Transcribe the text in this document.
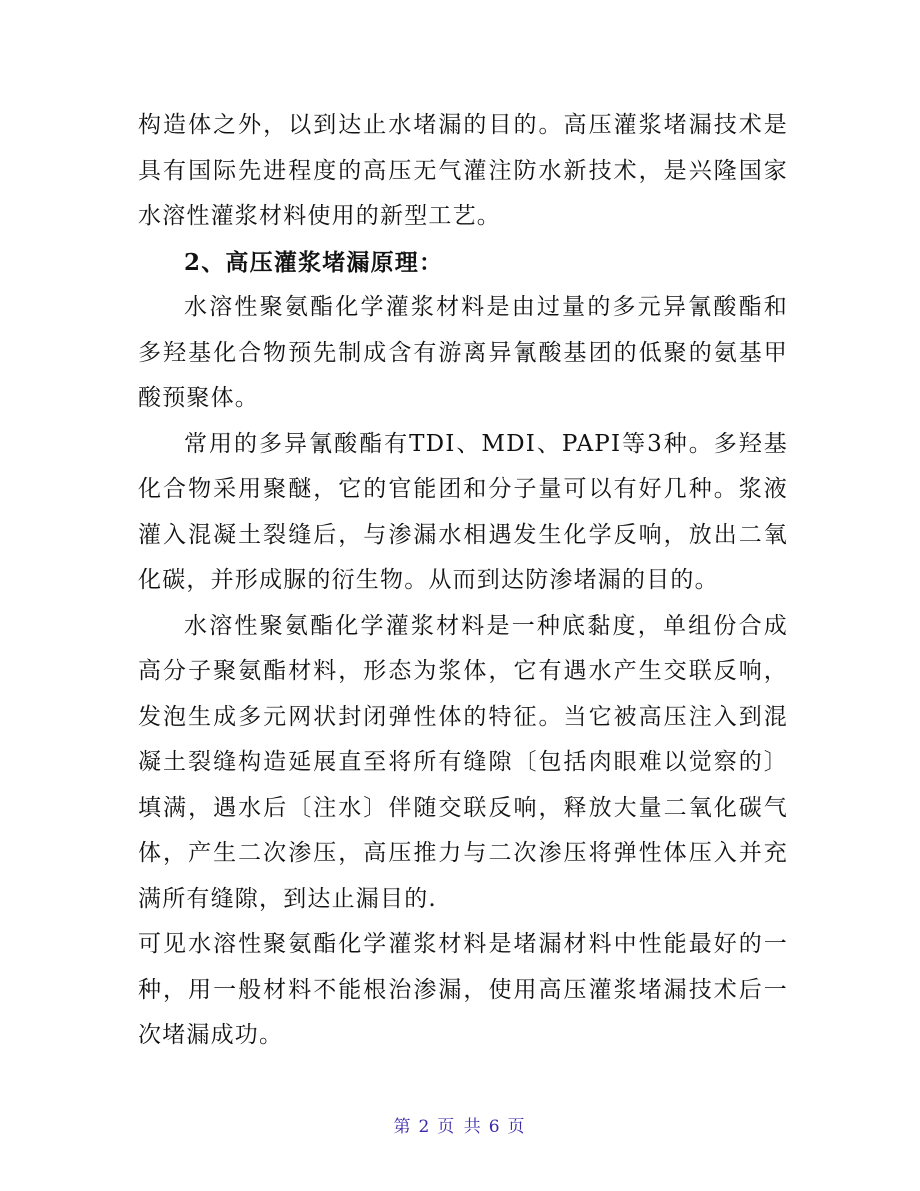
构造体之外，以到达止水堵漏的目的。高压灌浆堵漏技术是具有国际先进程度的高压无气灌注防水新技术，是兴隆国家水溶性灌浆材料使用的新型工艺。

2、高压灌浆堵漏原理：

水溶性聚氨酯化学灌浆材料是由过量的多元异氰酸酯和多羟基化合物预先制成含有游离异氰酸基团的低聚的氨基甲酸预聚体。

常用的多异氰酸酯有TDI、MDI、PAPI等3种。多羟基化合物采用聚醚，它的官能团和分子量可以有好几种。浆液灌入混凝土裂缝后，与渗漏水相遇发生化学反响，放出二氧化碳，并形成脲的衍生物。从而到达防渗堵漏的目的。

水溶性聚氨酯化学灌浆材料是一种底黏度，单组份合成高分子聚氨酯材料，形态为浆体，它有遇水产生交联反响，发泡生成多元网状封闭弹性体的特征。当它被高压注入到混凝土裂缝构造延展直至将所有缝隙〔包括肉眼难以觉察的〕填满，遇水后〔注水〕伴随交联反响，释放大量二氧化碳气体，产生二次渗压，高压推力与二次渗压将弹性体压入并充满所有缝隙，到达止漏目的.

可见水溶性聚氨酯化学灌浆材料是堵漏材料中性能最好的一种，用一般材料不能根治渗漏，使用高压灌浆堵漏技术后一次堵漏成功。

第 2 页 共 6 页
